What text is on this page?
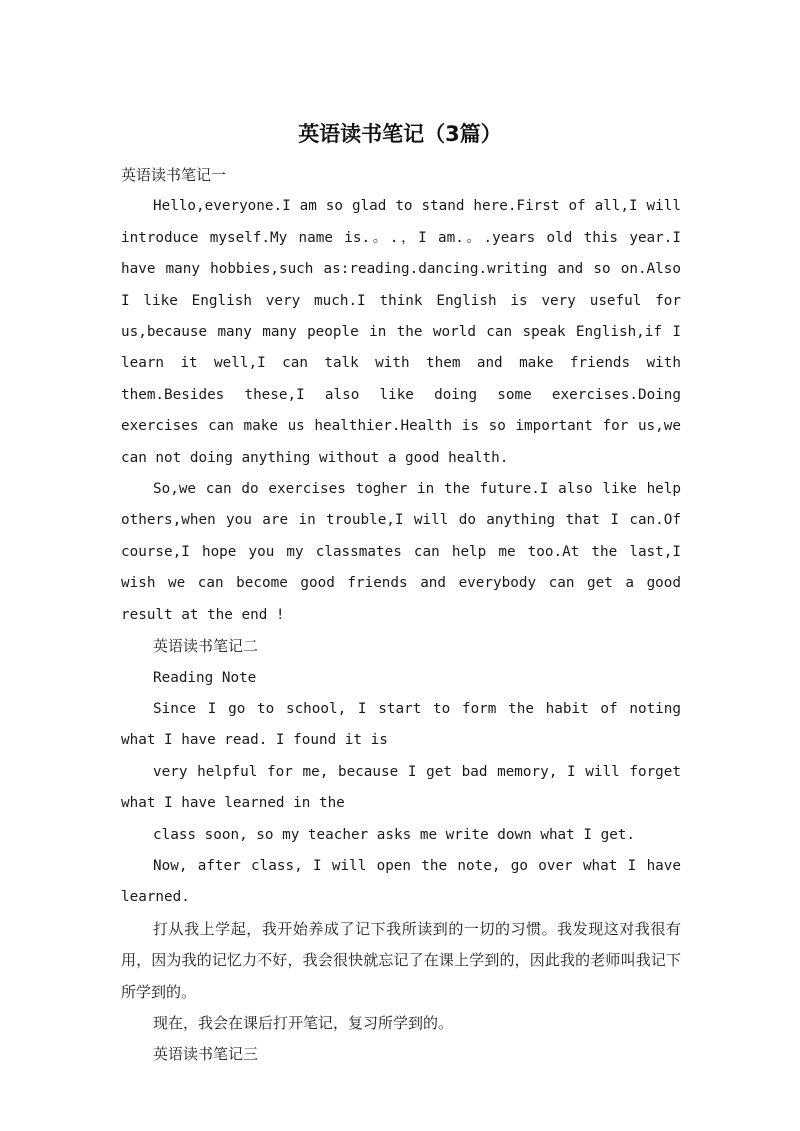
英语读书笔记（3篇）

英语读书笔记一

Hello,everyone.I am so glad to stand here.First of all,I will introduce myself.My name is.。.，I am.。.years old this year.I have many hobbies,such as:reading.dancing.writing and so on.Also I like English very much.I think English is very useful for us,because many many people in the world can speak English,if I learn it well,I can talk with them and make friends with them.Besides these,I also like doing some exercises.Doing exercises can make us healthier.Health is so important for us,we can not doing anything without a good health.

So,we can do exercises togher in the future.I also like help others,when you are in trouble,I will do anything that I can.Of course,I hope you my classmates can help me too.At the last,I wish we can become good friends and everybody can get a good result at the end !

英语读书笔记二

Reading Note

Since I go to school, I start to form the habit of noting what I have read. I found it is

very helpful for me, because I get bad memory, I will forget what I have learned in the

class soon, so my teacher asks me write down what I get.

Now, after class, I will open the note, go over what I have learned.

打从我上学起，我开始养成了记下我所读到的一切的习惯。我发现这对我很有用，因为我的记忆力不好，我会很快就忘记了在课上学到的，因此我的老师叫我记下所学到的。

现在，我会在课后打开笔记，复习所学到的。

英语读书笔记三
